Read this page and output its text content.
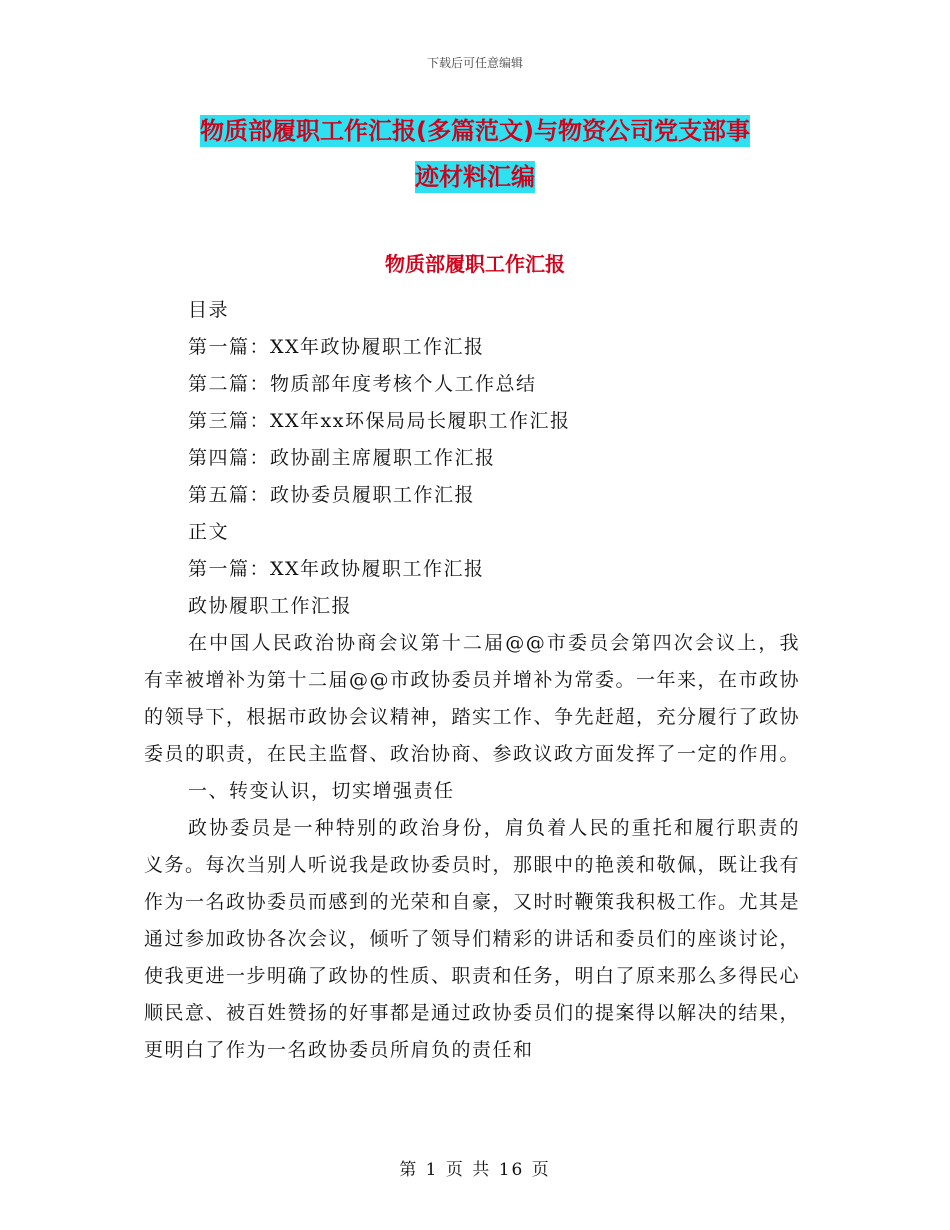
下载后可任意编辑
物质部履职工作汇报(多篇范文)与物资公司党支部事
迹材料汇编
物质部履职工作汇报
目录
第一篇：XX年政协履职工作汇报
第二篇：物质部年度考核个人工作总结
第三篇：XX年xx环保局局长履职工作汇报
第四篇：政协副主席履职工作汇报
第五篇：政协委员履职工作汇报
正文
第一篇：XX年政协履职工作汇报
政协履职工作汇报
在中国人民政治协商会议第十二届@@市委员会第四次会议上，我有幸被增补为第十二届@@市政协委员并增补为常委。一年来，在市政协的领导下，根据市政协会议精神，踏实工作、争先赶超，充分履行了政协委员的职责，在民主监督、政治协商、参政议政方面发挥了一定的作用。
一、转变认识，切实增强责任
政协委员是一种特别的政治身份，肩负着人民的重托和履行职责的义务。每次当别人听说我是政协委员时，那眼中的艳羡和敬佩，既让我有作为一名政协委员而感到的光荣和自豪，又时时鞭策我积极工作。尤其是通过参加政协各次会议，倾听了领导们精彩的讲话和委员们的座谈讨论，使我更进一步明确了政协的性质、职责和任务，明白了原来那么多得民心顺民意、被百姓赞扬的好事都是通过政协委员们的提案得以解决的结果，更明白了作为一名政协委员所肩负的责任和
第 1 页 共 16 页
